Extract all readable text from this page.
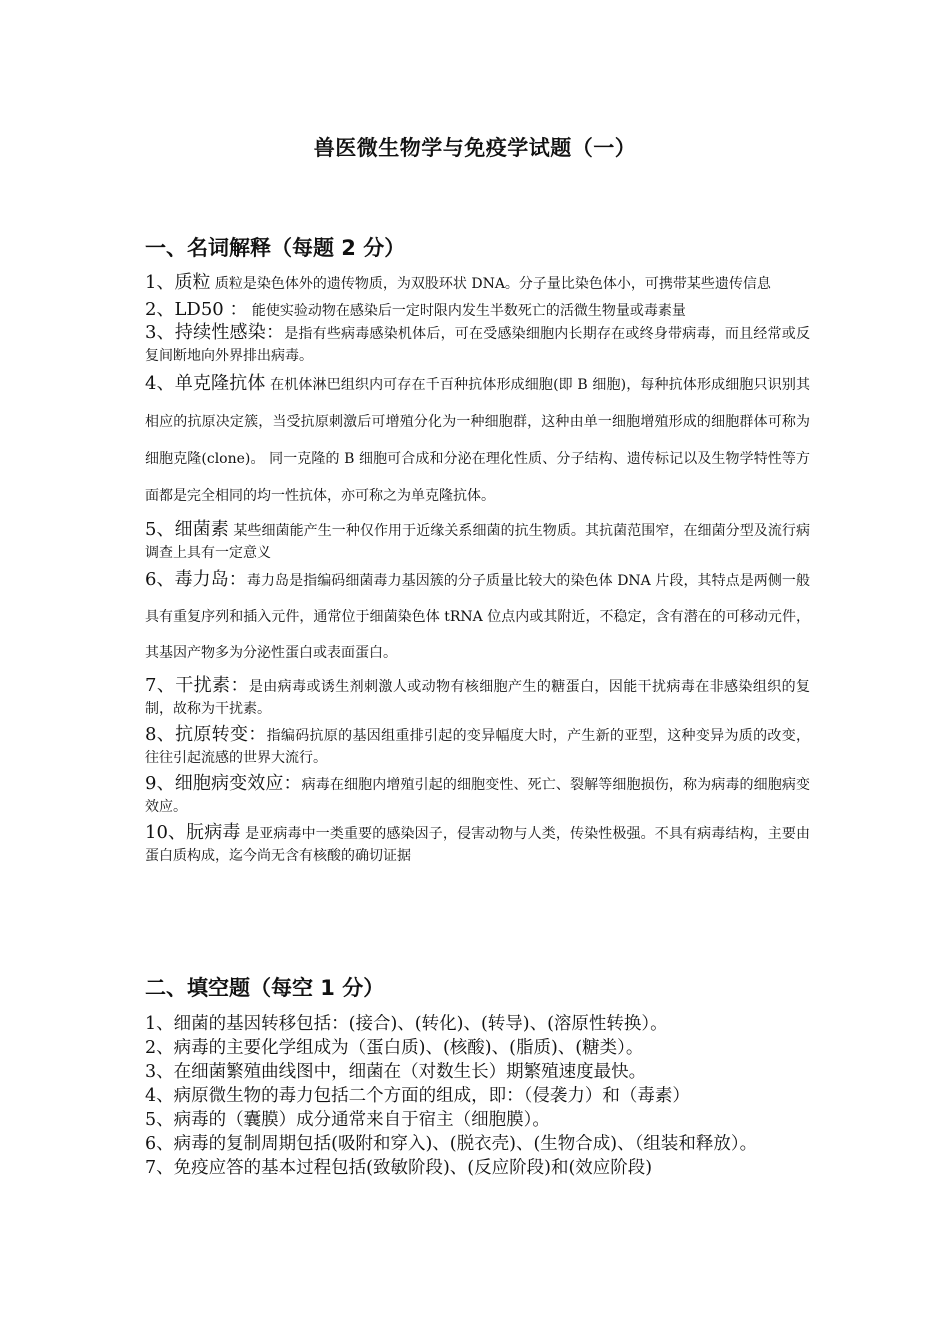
兽医微生物学与免疫学试题（一）
一、名词解释（每题 2 分）

1、质粒 质粒是染色体外的遗传物质，为双股环状 DNA。分子量比染色体小，可携带某些遗传信息

2、LD50 ： 能使实验动物在感染后一定时限内发生半数死亡的活微生物量或毒素量

3、持续性感染：是指有些病毒感染机体后，可在受感染细胞内长期存在或终身带病毒，而且经常或反复间断地向外界排出病毒。

4、单克隆抗体 在机体淋巴组织内可存在千百种抗体形成细胞(即 B 细胞)，每种抗体形成细胞只识别其相应的抗原决定簇，当受抗原刺激后可增殖分化为一种细胞群，这种由单一细胞增殖形成的细胞群体可称为细胞克隆(clone)。 同一克隆的 B 细胞可合成和分泌在理化性质、分子结构、遗传标记以及生物学特性等方面都是完全相同的均一性抗体，亦可称之为单克隆抗体。

5、细菌素 某些细菌能产生一种仅作用于近缘关系细菌的抗生物质。其抗菌范围窄，在细菌分型及流行病调查上具有一定意义

6、毒力岛：毒力岛是指编码细菌毒力基因簇的分子质量比较大的染色体 DNA 片段，其特点是两侧一般具有重复序列和插入元件，通常位于细菌染色体 tRNA 位点内或其附近，不稳定，含有潜在的可移动元件，其基因产物多为分泌性蛋白或表面蛋白。

7、干扰素：是由病毒或诱生剂刺激人或动物有核细胞产生的糖蛋白，因能干扰病毒在非感染组织的复制，故称为干扰素。

8、抗原转变：指编码抗原的基因组重排引起的变异幅度大时，产生新的亚型，这种变异为质的改变，往往引起流感的世界大流行。

9、细胞病变效应：病毒在细胞内增殖引起的细胞变性、死亡、裂解等细胞损伤，称为病毒的细胞病变效应。

10、朊病毒 是亚病毒中一类重要的感染因子，侵害动物与人类，传染性极强。不具有病毒结构，主要由蛋白质构成，迄今尚无含有核酸的确切证据

二、填空题（每空 1 分）

1、细菌的基因转移包括：(接合)、(转化)、(转导)、(溶原性转换）。

2、病毒的主要化学组成为（蛋白质)、(核酸)、(脂质)、(糖类）。

3、在细菌繁殖曲线图中，细菌在（对数生长）期繁殖速度最快。

4、病原微生物的毒力包括二个方面的组成，即：（侵袭力）和（毒素）

5、病毒的（囊膜）成分通常来自于宿主（细胞膜）。

6、病毒的复制周期包括(吸附和穿入)、(脱衣壳)、(生物合成)、（组装和释放）。

7、免疫应答的基本过程包括(致敏阶段)、(反应阶段)和(效应阶段)
